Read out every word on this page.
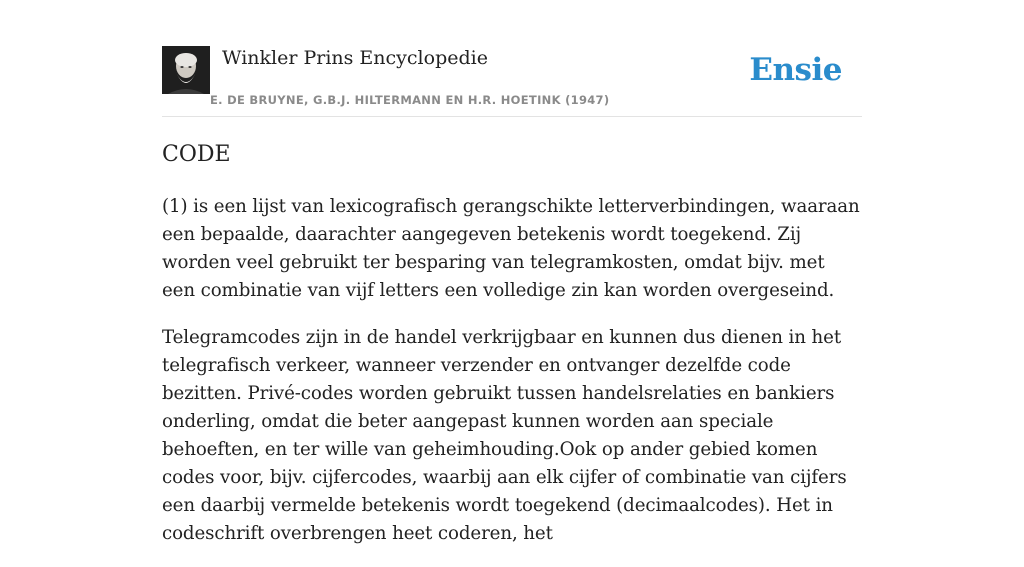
Winkler Prins Encyclopedie
E. DE BRUYNE, G.B.J. HILTERMANN EN H.R. HOETINK (1947)
Ensie
CODE

(1) is een lijst van lexicografisch gerangschikte letterverbindingen, waaraan een bepaalde, daarachter aangegeven betekenis wordt toegekend. Zij worden veel gebruikt ter besparing van telegramkosten, omdat bijv. met een combinatie van vijf letters een volledige zin kan worden overgeseind.

Telegramcodes zijn in de handel verkrijgbaar en kunnen dus dienen in het telegrafisch verkeer, wanneer verzender en ontvanger dezelfde code bezitten. Privé-codes worden gebruikt tussen handelsrelaties en bankiers onderling, omdat die beter aangepast kunnen worden aan speciale behoeften, en ter wille van geheimhouding.Ook op ander gebied komen codes voor, bijv. cijfercodes, waarbij aan elk cijfer of combinatie van cijfers een daarbij vermelde betekenis wordt toegekend (decimaalcodes). Het in codeschrift overbrengen heet coderen, het
